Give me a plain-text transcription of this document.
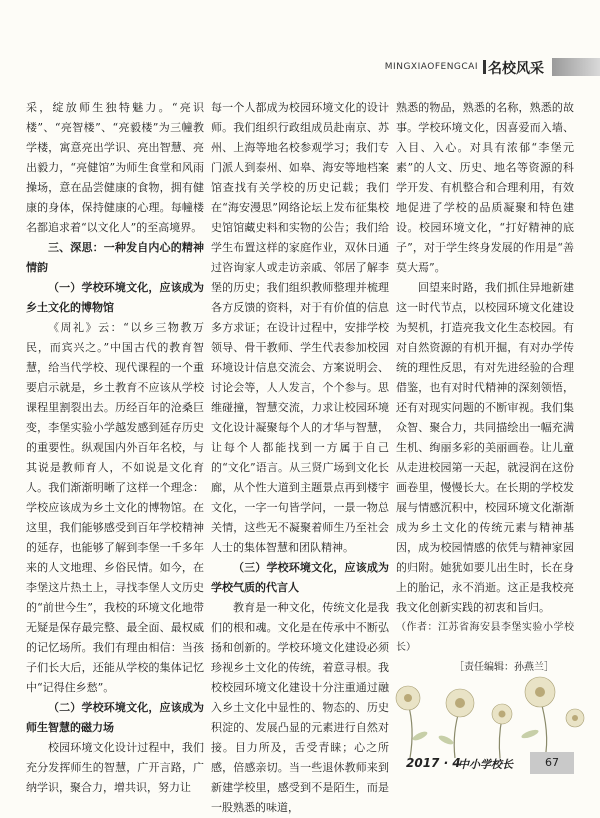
MINGXIAOFENGCAI 名校风采

采，绽放师生独特魅力。“亮识楼”、“亮智楼”、“亮毅楼”为三幢教学楼，寓意亮出学识、亮出智慧、亮出毅力，“亮健馆”为师生食堂和风雨操场，意在品尝健康的食物，拥有健康的身体，保持健康的心理。每幢楼名都追求着“以文化人”的至高境界。

三、深思：一种发自内心的精神情韵

（一）学校环境文化，应该成为乡土文化的博物馆

《周礼》云：“以乡三物教万民，而宾兴之。”中国古代的教育智慧，给当代学校、现代课程的一个重要启示就是，乡土教育不应该从学校课程里割裂出去。历经百年的沧桑巨变，李堡实验小学越发感到延存历史的重要性。纵观国内外百年名校，与其说是教师育人，不如说是文化育人。我们渐渐明晰了这样一个理念：学校应该成为乡土文化的博物馆。在这里，我们能够感受到百年学校精神的延存，也能够了解到李堡一千多年来的人文地理、乡俗民情。如今，在李堡这片热土上，寻找李堡人文历史的“前世今生”，我校的环境文化地带无疑是保存最完整、最全面、最权威的记忆场所。我们有理由相信：当孩子们长大后，还能从学校的集体记忆中“记得住乡愁”。

（二）学校环境文化，应该成为师生智慧的磁力场

校园环境文化设计过程中，我们充分发挥师生的智慧，广开言路，广纳学识，聚合力，增共识，努力让

每一个人都成为校园环境文化的设计师。我们组织行政组成员赴南京、苏州、上海等地名校参观学习；我们专门派人到泰州、如皋、海安等地档案馆查找有关学校的历史记载；我们在“海安漫思”网络论坛上发布征集校史馆馆藏史料和实物的公告；我们给学生布置这样的家庭作业，双休日通过咨询家人或走访亲戚、邻居了解李堡的历史；我们组织教师整理并梳理各方反馈的资料，对于有价值的信息多方求证；在设计过程中，安排学校领导、骨干教师、学生代表参加校园环境设计信息交流会、方案说明会、讨论会等，人人发言，个个参与。思维碰撞，智慧交流，力求让校园环境文化设计凝聚每个人的才华与智慧，让每个人都能找到一方属于自己的“文化”语言。从三贤广场到文化长廊，从个性大道到主题景点再到楼宇文化，一字一句皆学问，一景一物总关情，这些无不凝聚着师生乃至社会人士的集体智慧和团队精神。

（三）学校环境文化，应该成为学校气质的代言人

教育是一种文化，传统文化是我们的根和魂。文化是在传承中不断弘扬和创新的。学校环境文化建设必须珍视乡土文化的传统，着意寻根。我校校园环境文化建设十分注重通过融入乡土文化中显性的、物态的、历史积淀的、发展凸显的元素进行自然对接。目力所及，舌受青睐；心之所感，倍感亲切。当一些退休教师来到新建学校里，感受到不是陌生，而是一股熟悉的味道，

熟悉的物品，熟悉的名称，熟悉的故事。学校环境文化，因喜爱而入墙、入目、入心。对具有浓郁“李堡元素”的人文、历史、地名等资源的科学开发、有机整合和合理利用，有效地促进了学校的品质凝聚和特色建设。校园环境文化，“打好精神的底子”，对于学生终身发展的作用是“善莫大焉”。

回望来时路，我们抓住异地新建这一时代节点，以校园环境文化建设为契机，打造亮我文化生态校园。有对自然资源的有机开掘，有对办学传统的理性反思，有对先进经验的合理借鉴，也有对时代精神的深刻领悟，还有对现实问题的不断审视。我们集众智、聚合力，共同描绘出一幅充满生机、绚丽多彩的美丽画卷。让儿童从走进校园第一天起，就浸润在这份画卷里，慢慢长大。在长期的学校发展与情感沉积中，校园环境文化渐渐成为乡土文化的传统元素与精神基因，成为校园情感的依凭与精神家园的归附。她犹如要儿出生时，长在身上的胎记，永不消逝。这正是我校亮我文化创新实践的初衷和旨归。

（作者：江苏省海安县李堡实验小学校长）

［责任编辑：孙燕兰］

2017 · 4
中小学校长	67
